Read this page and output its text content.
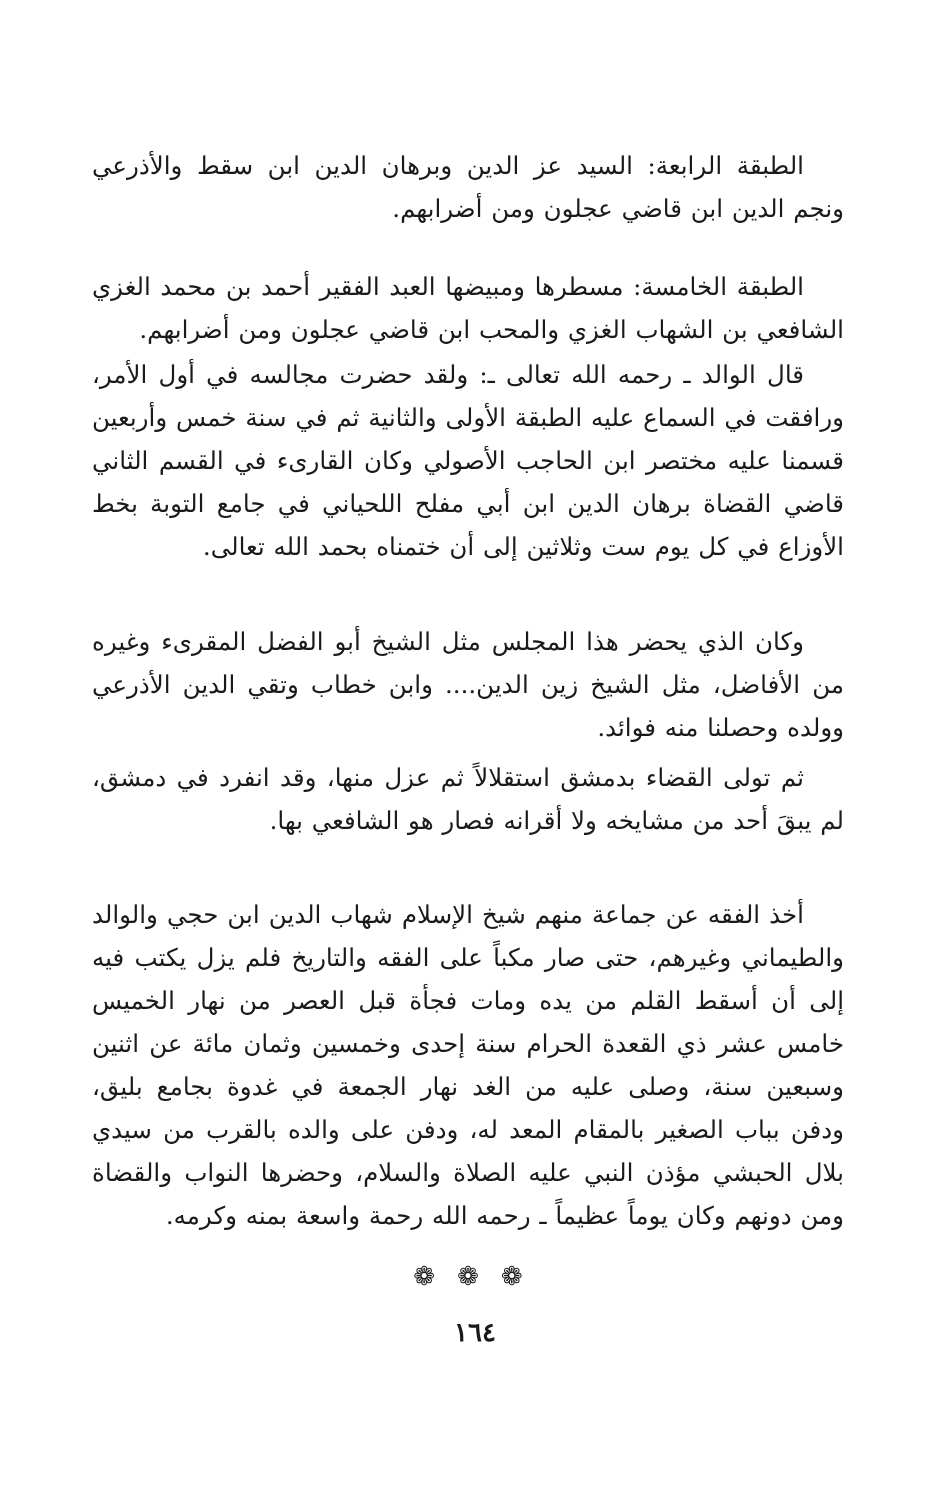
الطبقة الرابعة: السيد عز الدين وبرهان الدين ابن سقط والأذرعي ونجم الدين ابن قاضي عجلون ومن أضرابهم.

الطبقة الخامسة: مسطرها ومبيضها العبد الفقير أحمد بن محمد الغزي الشافعي بن الشهاب الغزي والمحب ابن قاضي عجلون ومن أضرابهم.

قال الوالد ـ رحمه الله تعالى ـ: ولقد حضرت مجالسه في أول الأمر، ورافقت في السماع عليه الطبقة الأولى والثانية ثم في سنة خمس وأربعين قسمنا عليه مختصر ابن الحاجب الأصولي وكان القارىء في القسم الثاني قاضي القضاة برهان الدين ابن أبي مفلح اللحياني في جامع التوبة بخط الأوزاع في كل يوم ست وثلاثين إلى أن ختمناه بحمد الله تعالى.

وكان الذي يحضر هذا المجلس مثل الشيخ أبو الفضل المقرىء وغيره من الأفاضل، مثل الشيخ زين الدين.... وابن خطاب وتقي الدين الأذرعي وولده وحصلنا منه فوائد.

ثم تولى القضاء بدمشق استقلالاً ثم عزل منها، وقد انفرد في دمشق، لم يبقَ أحد من مشايخه ولا أقرانه فصار هو الشافعي بها.

أخذ الفقه عن جماعة منهم شيخ الإسلام شهاب الدين ابن حجي والوالد والطيماني وغيرهم، حتى صار مكباً على الفقه والتاريخ فلم يزل يكتب فيه إلى أن أسقط القلم من يده ومات فجأة قبل العصر من نهار الخميس خامس عشر ذي القعدة الحرام سنة إحدى وخمسين وثمان مائة عن اثنين وسبعين سنة، وصلى عليه من الغد نهار الجمعة في غدوة بجامع بليق، ودفن بباب الصغير بالمقام المعد له، ودفن على والده بالقرب من سيدي بلال الحبشي مؤذن النبي عليه الصلاة والسلام، وحضرها النواب والقضاة ومن دونهم وكان يوماً عظيماً ـ رحمه الله رحمة واسعة بمنه وكرمه.

❁❁❁
١٦٤
